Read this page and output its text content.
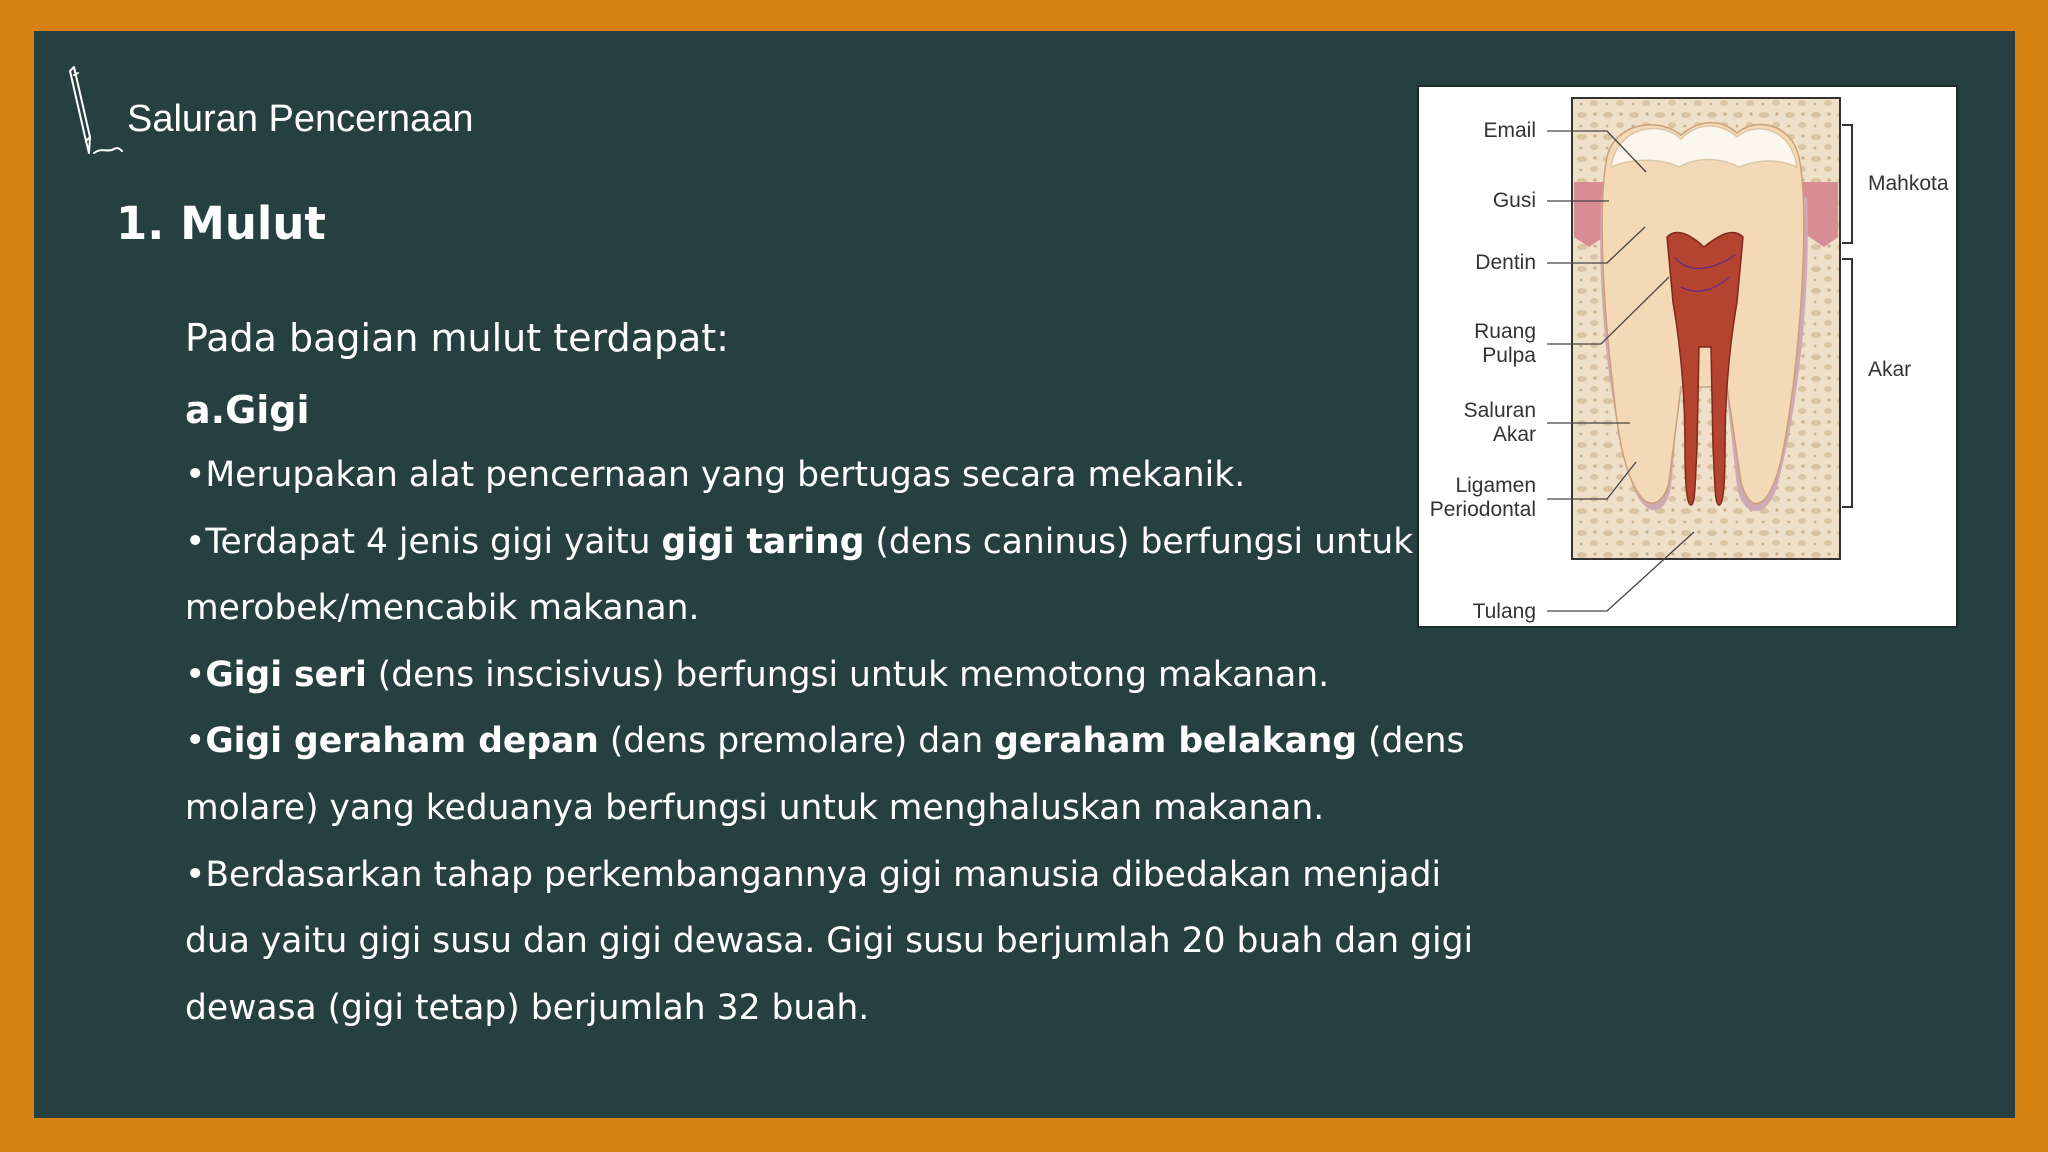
Saluran Pencernaan
1. Mulut

Pada bagian mulut terdapat:

a.Gigi

•Merupakan alat pencernaan yang bertugas secara mekanik.

•Terdapat 4 jenis gigi yaitu gigi taring (dens caninus) berfungsi untuk merobek/mencabik makanan.

•Gigi seri (dens inscisivus) berfungsi untuk memotong makanan.

•Gigi geraham depan (dens premolare) dan geraham belakang (dens molare) yang keduanya berfungsi untuk menghaluskan makanan.

•Berdasarkan tahap perkembangannya gigi manusia dibedakan menjadi dua yaitu gigi susu dan gigi dewasa. Gigi susu berjumlah 20 buah dan gigi dewasa (gigi tetap) berjumlah 32 buah.

Email
Gusi
Dentin
Ruang
Pulpa
Saluran
Akar
Ligamen
Periodontal
Tulang
Mahkota
Akar
